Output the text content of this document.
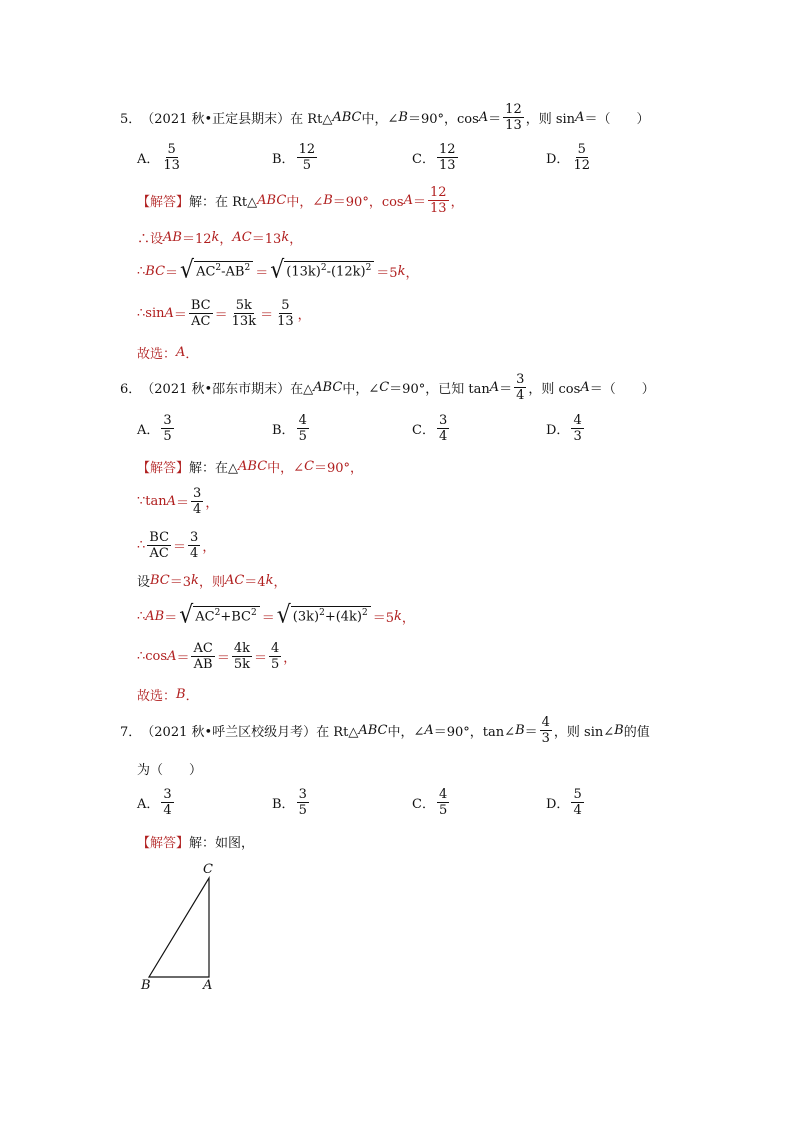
5． （2021 秋•正定县期末） 在 Rt△ ABC 中，∠ B ＝90°，$\cos A = \frac{12}{13}$ ，则 sin A ＝（　　）
A． $\frac{5}{13}$	B． $\frac{12}{5}$	C． $\frac{12}{13}$	D． $\frac{5}{12}$
【解答】 解：在 Rt△ ABC 中，∠ B ＝90°，$\cos A = \frac{12}{13}$ ，
∴设 AB ＝12 k ， AC ＝13 k ，
∴ BC ＝ √ $AC^2-AB^2$ ＝ √ $(13k)^2-(12k)^2 =5$ k ，
∴sin $A = \frac{BC}{AC} = \frac{5k}{13k} = \frac{5}{13}$ ，
故选： A ．
6． （2021 秋•邵东市期末） 在△ ABC 中，∠ C ＝90°，已知 $\tan A = \frac{3}{4}$ ，则 cos A ＝（　　）
A． $\frac{3}{5}$	B． $\frac{4}{5}$	C． $\frac{3}{4}$	D． $\frac{4}{3}$
【解答】 解：在△ ABC 中，∠ C ＝90°，
∵tan $A = \frac{3}{4}$ ，
∴ $\frac{BC}{AC} = \frac{3}{4}$ ，
设 BC ＝3 k ，则 AC ＝4 k ，
∴ AB ＝ √ $AC^2+BC^2$ ＝ √ $(3k)^2+(4k)^2 =5$ k ，
∴cos $A = \frac{AC}{AB} = \frac{4k}{5k} = \frac{4}{5}$ ，
故选： B ．
7． （2021 秋•呼兰区校级月考） 在 Rt△ ABC 中，∠ A ＝90°，tan∠ $B = \frac{4}{3}$ ，则 sin∠ B 的值
为（　　）
A． $\frac{3}{4}$	B． $\frac{3}{5}$	C． $\frac{4}{5}$	D． $\frac{5}{4}$
【解答】 解：如图，
C
B	A
